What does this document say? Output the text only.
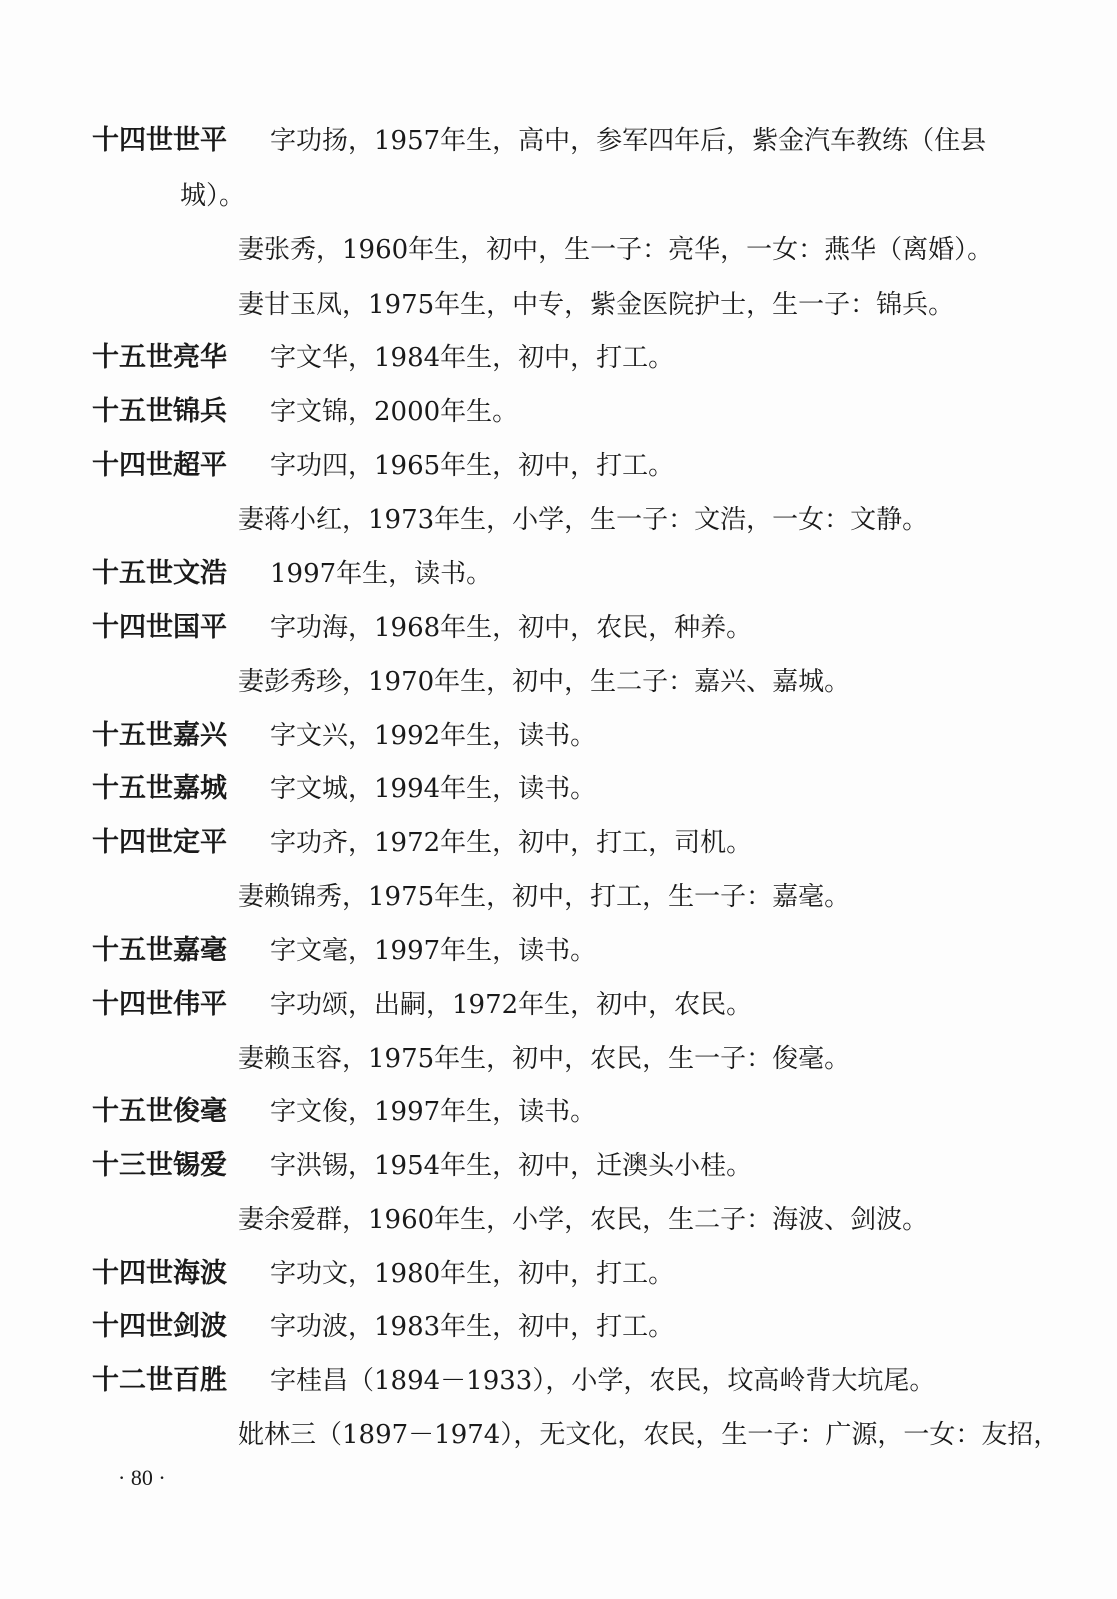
十四世世平 字功扬，1957年生，高中，参军四年后，紫金汽车教练（住县
城）。
妻张秀，1960年生，初中，生一子：亮华，一女：燕华（离婚）。
妻甘玉凤，1975年生，中专，紫金医院护士，生一子：锦兵。
十五世亮华 字文华，1984年生，初中，打工。
十五世锦兵 字文锦，2000年生。
十四世超平 字功四，1965年生，初中，打工。
妻蒋小红，1973年生，小学，生一子：文浩，一女：文静。
十五世文浩 1997年生，读书。
十四世国平 字功海，1968年生，初中，农民，种养。
妻彭秀珍，1970年生，初中，生二子：嘉兴、嘉城。
十五世嘉兴 字文兴，1992年生，读书。
十五世嘉城 字文城，1994年生，读书。
十四世定平 字功齐，1972年生，初中，打工，司机。
妻赖锦秀，1975年生，初中，打工，生一子：嘉毫。
十五世嘉毫 字文毫，1997年生，读书。
十四世伟平 字功颂，出嗣，1972年生，初中，农民。
妻赖玉容，1975年生，初中，农民，生一子：俊毫。
十五世俊毫 字文俊，1997年生，读书。
十三世锡爱 字洪锡，1954年生，初中，迁澳头小桂。
妻余爱群，1960年生，小学，农民，生二子：海波、剑波。
十四世海波 字功文，1980年生，初中，打工。
十四世剑波 字功波，1983年生，初中，打工。
十二世百胜 字桂昌（1894－1933），小学，农民，坟高岭背大坑尾。
妣林三（1897－1974），无文化，农民，生一子：广源，一女：友招，
· 80 ·
